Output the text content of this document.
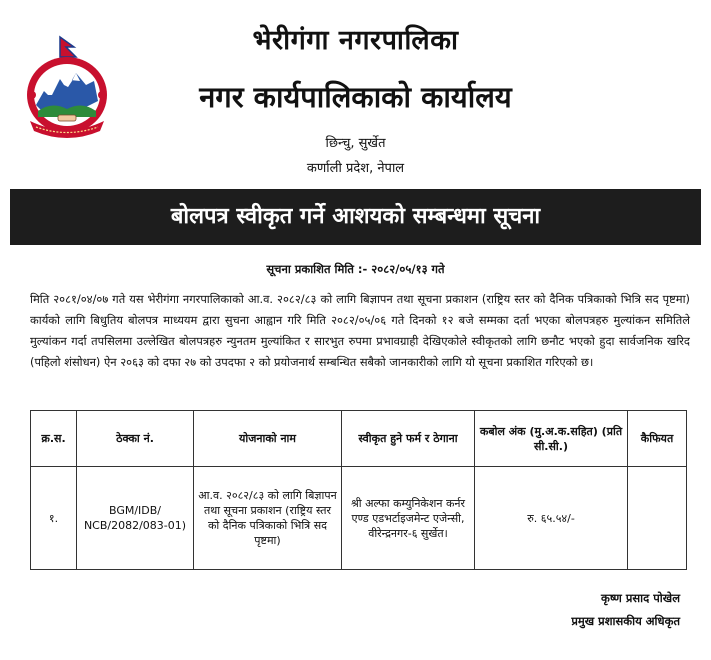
भेरीगंगा नगरपालिका
नगर कार्यपालिकाको कार्यालय
छिन्चु, सुर्खेत
कर्णाली प्रदेश, नेपाल
बोलपत्र स्वीकृत गर्ने आशयको सम्बन्धमा सूचना
सूचना प्रकाशित मिति :- २०८२/०५/१३ गते
मिति २०८१/०४/०७ गते यस भेरीगंगा नगरपालिकाको आ.व. २०८२/८३ को लागि बिज्ञापन तथा सूचना प्रकाशन (राष्ट्रिय स्तर को दैनिक पत्रिकाको भित्रि सद पृष्टमा) कार्यको लागि बिधुतिय बोलपत्र माध्ययम द्वारा सुचना आह्वान गरि मिति २०८२/०५/०६ गते दिनको १२ बजे सम्मका दर्ता भएका बोलपत्रहरु मुल्यांकन समितिले मुल्यांकन गर्दा तपसिलमा उल्लेखित बोलपत्रहरु न्युनतम मुल्यांकित र सारभुत रुपमा प्रभावग्राही देखिएकोले स्वीकृतको लागि छनौट भएको हुदा सार्वजनिक खरिद (पहिलो शंसोधन) ऐन २०६३ को दफा २७ को उपदफा २ को प्रयोजनार्थ सम्बन्धित सबैको जानकारीको लागि यो सूचना प्रकाशित गरिएको छ।
क्र.स.	ठेक्का नं.	योजनाको नाम	स्वीकृत हुने फर्म र ठेगाना	कबोल अंक (मु.अ.क.सहित) (प्रति सी.सी.)	कैफियत
१.	BGM/IDB/ NCB/2082/083-01)	आ.व. २०८२/८३ को लागि बिज्ञापन तथा सूचना प्रकाशन (राष्ट्रिय स्तर को दैनिक पत्रिकाको भित्रि सद पृष्टमा)	श्री अल्फा कम्युनिकेशन कर्नर एण्ड एडभर्टाइजमेन्ट एजेन्सी, वीरेन्द्रनगर-६ सुर्खेत।	रु. ६५.५४/-	
कृष्ण प्रसाद पोखेल
प्रमुख प्रशासकीय अधिकृत
